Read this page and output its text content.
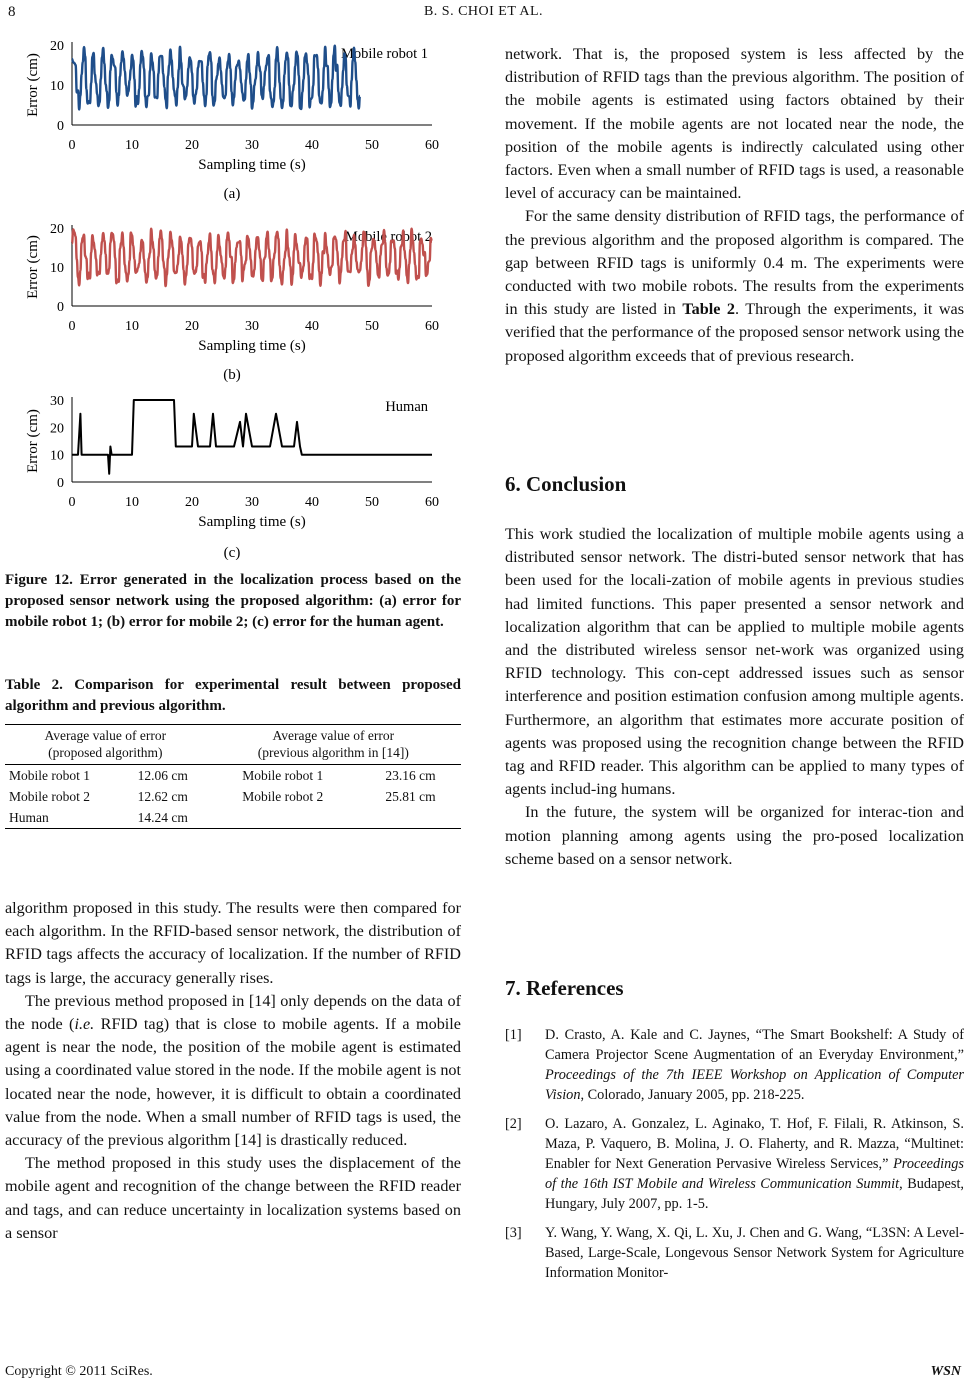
8	B. S. CHOI ET AL.
0	10	20	30	40	50	60
0
10
20
Sampling time (s)
Error (cm)
(a)
Mobile robot 1
0	10	20	30	40	50	60
0
10
20
Sampling time (s)
Error (cm)
(b)
Mobile robot 2
0	10	20	30	40	50	60
0
10
20
30
Sampling time (s)
Error (cm)
(c)
Human
Figure 12. Error generated in the localization process based on the proposed sensor network using the proposed algorithm: (a) error for mobile robot 1; (b) error for mobile 2; (c) error for the human agent.
Table 2. Comparison for experimental result between proposed algorithm and previous algorithm.
Average value of error
(proposed algorithm)		Average value of error
(previous algorithm in [14])	
Mobile robot 1	12.06 cm	Mobile robot 1	23.16 cm
Mobile robot 2	12.62 cm	Mobile robot 2	25.81 cm
Human	14.24 cm		

algorithm proposed in this study. The results were then compared for each algorithm. In the RFID-based sensor network, the distribution of RFID tags affects the accuracy of localization. If the number of RFID tags is large, the accuracy generally rises.

The previous method proposed in [14] only depends on the data of the node (i.e. RFID tag) that is close to mobile agents. If a mobile agent is near the node, the position of the mobile agent is estimated using a coordinated value stored in the node. If the mobile agent is not located near the node, however, it is difficult to obtain a coordinated value from the node. When a small number of RFID tags is used, the accuracy of the previous algorithm [14] is drastically reduced.

The method proposed in this study uses the displacement of the mobile agent and recognition of the change between the RFID reader and tags, and can reduce uncertainty in localization systems based on a sensor

network. That is, the proposed system is less affected by the distribution of RFID tags than the previous algorithm. The position of the mobile agents is estimated using factors obtained by their movement. If the mobile agents are not located near the node, the position of the mobile agents is indirectly calculated using other factors. Even when a small number of RFID tags is used, a reasonable level of accuracy can be maintained.

For the same density distribution of RFID tags, the performance of the previous algorithm and the proposed algorithm is compared. The gap between RFID tags is uniformly 0.4 m. The experiments were conducted with two mobile robots. The results from the experiments in this study are listed in Table 2. Through the experiments, it was verified that the performance of the proposed sensor network using the proposed algorithm exceeds that of previous research.

6. Conclusion

This work studied the localization of multiple mobile agents using a distributed sensor network. The distri-buted sensor network that has been used for the locali-zation of mobile agents in previous studies had limited functions. This paper presented a sensor network and localization algorithm that can be applied to multiple mobile agents and the distributed wireless sensor net-work was organized using RFID technology. This con-cept addressed issues such as sensor interference and position estimation confusion among multiple agents. Furthermore, an algorithm that estimates more accurate position of agents was proposed using the recognition change between the RFID tag and RFID reader. This algorithm can be applied to many types of agents includ-ing humans.

In the future, the system will be organized for interac-tion and motion planning among agents using the pro-posed localization scheme based on a sensor network.

7. References
[1]	D. Crasto, A. Kale and C. Jaynes, “The Smart Bookshelf: A Study of Camera Projector Scene Augmentation of an Everyday Environment,” Proceedings of the 7th IEEE Workshop on Application of Computer Vision, Colorado, January 2005, pp. 218-225.
[2]	O. Lazaro, A. Gonzalez, L. Aginako, T. Hof, F. Filali, R. Atkinson, S. Maza, P. Vaquero, B. Molina, J. O. Flaherty, and R. Mazza, “Multinet: Enabler for Next Generation Pervasive Wireless Services,” Proceedings of the 16th IST Mobile and Wireless Communication Summit, Budapest, Hungary, July 2007, pp. 1-5.
[3]	Y. Wang, Y. Wang, X. Qi, L. Xu, J. Chen and G. Wang, “L3SN: A Level-Based, Large-Scale, Longevous Sensor Network System for Agriculture Information Monitor-
Copyright © 2011 SciRes.	WSN
